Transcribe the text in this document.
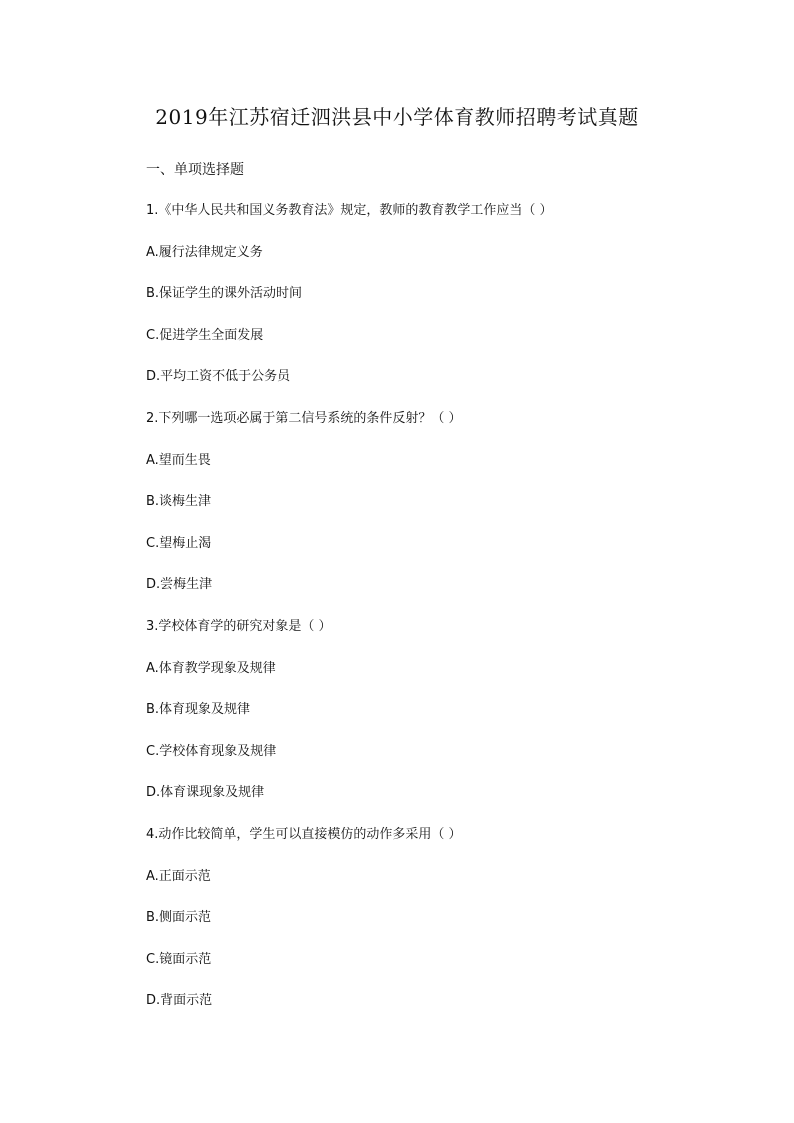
2019年江苏宿迁泗洪县中小学体育教师招聘考试真题

一、单项选择题

1.《中华人民共和国义务教育法》规定，教师的教育教学工作应当（ ）
A.履行法律规定义务
B.保证学生的课外活动时间
C.促进学生全面发展
D.平均工资不低于公务员
2.下列哪一选项必属于第二信号系统的条件反射？（ ）
A.望而生畏
B.谈梅生津
C.望梅止渴
D.尝梅生津
3.学校体育学的研究对象是（ ）
A.体育教学现象及规律
B.体育现象及规律
C.学校体育现象及规律
D.体育课现象及规律
4.动作比较简单，学生可以直接模仿的动作多采用（ ）
A.正面示范
B.侧面示范
C.镜面示范
D.背面示范
